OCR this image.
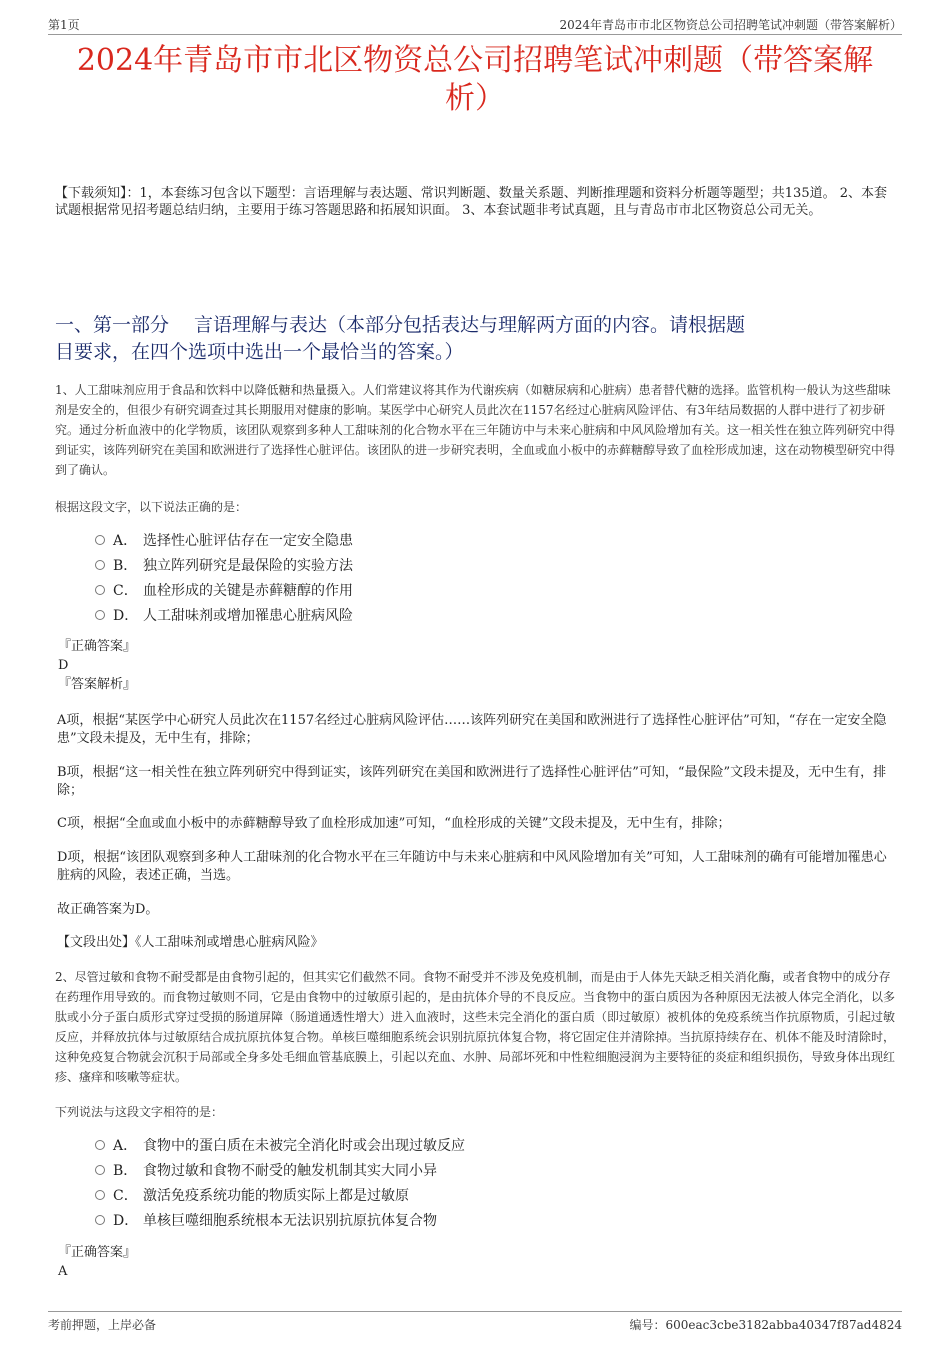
第1页	2024年青岛市市北区物资总公司招聘笔试冲刺题（带答案解析）
2024年青岛市市北区物资总公司招聘笔试冲刺题（带答案解
析）
【下载须知】：1，本套练习包含以下题型：言语理解与表达题、常识判断题、数量关系题、判断推理题和资料分析题等题型；共135道。 2、本套试题根据常见招考题总结归纳，主要用于练习答题思路和拓展知识面。 3、本套试题非考试真题，且与青岛市市北区物资总公司无关。
一、第一部分　 言语理解与表达（本部分包括表达与理解两方面的内容。请根据题
目要求，在四个选项中选出一个最恰当的答案。）
1、人工甜味剂应用于食品和饮料中以降低糖和热量摄入。人们常建议将其作为代谢疾病（如糖尿病和心脏病）患者替代糖的选择。监管机构一般认为这些甜味剂是安全的，但很少有研究调查过其长期服用对健康的影响。某医学中心研究人员此次在1157名经过心脏病风险评估、有3年结局数据的人群中进行了初步研究。通过分析血液中的化学物质，该团队观察到多种人工甜味剂的化合物水平在三年随访中与未来心脏病和中风风险增加有关。这一相关性在独立阵列研究中得到证实，该阵列研究在美国和欧洲进行了选择性心脏评估。该团队的进一步研究表明，全血或血小板中的赤藓糖醇导致了血栓形成加速，这在动物模型研究中得到了确认。
根据这段文字，以下说法正确的是：
A． 选择性心脏评估存在一定安全隐患
B． 独立阵列研究是最保险的实验方法
C． 血栓形成的关键是赤藓糖醇的作用
D． 人工甜味剂或增加罹患心脏病风险
『正确答案』
D
『答案解析』
A项，根据“某医学中心研究人员此次在1157名经过心脏病风险评估……该阵列研究在美国和欧洲进行了选择性心脏评估”可知，“存在一定安全隐患”文段未提及，无中生有，排除；
B项，根据“这一相关性在独立阵列研究中得到证实，该阵列研究在美国和欧洲进行了选择性心脏评估”可知，“最保险”文段未提及，无中生有，排除；
C项，根据“全血或血小板中的赤藓糖醇导致了血栓形成加速”可知，“血栓形成的关键”文段未提及，无中生有，排除；
D项，根据“该团队观察到多种人工甜味剂的化合物水平在三年随访中与未来心脏病和中风风险增加有关”可知，人工甜味剂的确有可能增加罹患心脏病的风险，表述正确，当选。
故正确答案为D。
【文段出处】《人工甜味剂或增患心脏病风险》
2、尽管过敏和食物不耐受都是由食物引起的，但其实它们截然不同。食物不耐受并不涉及免疫机制，而是由于人体先天缺乏相关消化酶，或者食物中的成分存在药理作用导致的。而食物过敏则不同，它是由食物中的过敏原引起的，是由抗体介导的不良反应。当食物中的蛋白质因为各种原因无法被人体完全消化，以多肽或小分子蛋白质形式穿过受损的肠道屏障（肠道通透性增大）进入血液时，这些未完全消化的蛋白质（即过敏原）被机体的免疫系统当作抗原物质，引起过敏反应，并释放抗体与过敏原结合成抗原抗体复合物。单核巨噬细胞系统会识别抗原抗体复合物，将它固定住并清除掉。当抗原持续存在、机体不能及时清除时，这种免疫复合物就会沉积于局部或全身多处毛细血管基底膜上，引起以充血、水肿、局部坏死和中性粒细胞浸润为主要特征的炎症和组织损伤，导致身体出现红疹、瘙痒和咳嗽等症状。
下列说法与这段文字相符的是：
A． 食物中的蛋白质在未被完全消化时或会出现过敏反应
B． 食物过敏和食物不耐受的触发机制其实大同小异
C． 激活免疫系统功能的物质实际上都是过敏原
D． 单核巨噬细胞系统根本无法识别抗原抗体复合物
『正确答案』
A
考前押题，上岸必备	编号：600eac3cbe3182abba40347f87ad4824
